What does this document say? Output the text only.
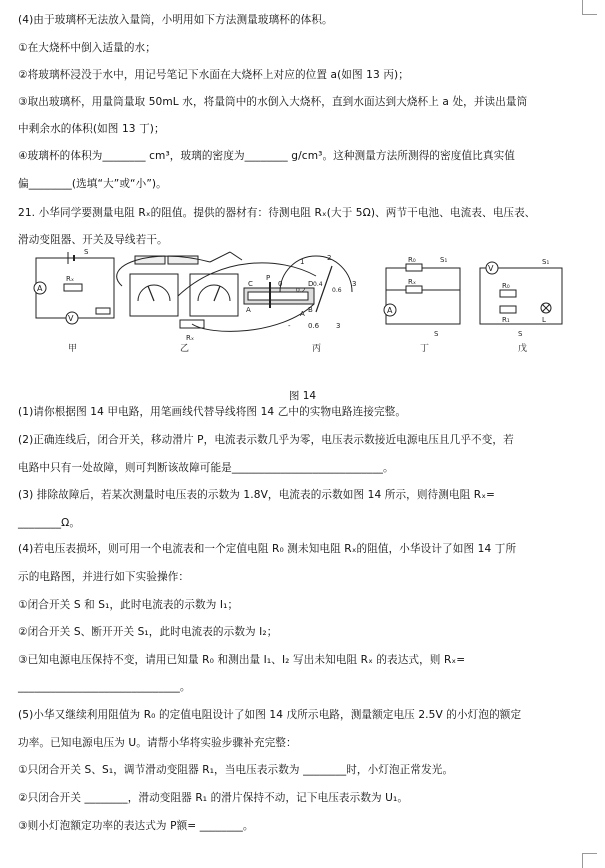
(4)由于玻璃杯无法放入量筒，小明用如下方法测量玻璃杯的体积。
①在大烧杯中倒入适量的水；
②将玻璃杯浸没于水中，用记号笔记下水面在大烧杯上对应的位置 a(如图 13 丙)；
③取出玻璃杯，用量筒量取 50mL 水，将量筒中的水倒入大烧杯，直到水面达到大烧杯上 a 处，并读出量筒
中剩余水的体积(如图 13 丁)；
④玻璃杯的体积为________ cm³，玻璃的密度为________ g/cm³。这种测量方法所测得的密度值比真实值
偏________(选填“大”或“小”)。
21. 小华同学要测量电阻 Rₓ的阻值。提供的器材有：待测电阻 Rₓ(大于 5Ω)、两节干电池、电流表、电压表、
滑动变阻器、开关及导线若干。
(1)请你根据图 14 甲电路，用笔画线代替导线将图 14 乙中的实物电路连接完整。
(2)正确连线后，闭合开关，移动滑片 P，电流表示数几乎为零，电压表示数接近电源电压且几乎不变，若
电路中只有一处故障，则可判断该故障可能是____________________________。
(3) 排除故障后，若某次测量时电压表的示数为 1.8V，电流表的示数如图 14 所示，则待测电阻 Rₓ=
________Ω。
(4)若电压表损坏，则可用一个电流表和一个定值电阻 R₀ 测未知电阻 Rₓ的阻值，小华设计了如图 14 丁所
示的电路图，并进行如下实验操作：
①闭合开关 S 和 S₁，此时电流表的示数为 I₁；
②闭合开关 S、断开开关 S₁，此时电流表的示数为 I₂；
③已知电源电压保持不变，请用已知量 R₀ 和测出量 I₁、I₂ 写出未知电阻 Rₓ 的表达式，则 Rₓ=
______________________________。
(5)小华又继续利用阻值为 R₀ 的定值电阻设计了如图 14 戊所示电路，测量额定电压 2.5V 的小灯泡的额定
功率。已知电源电压为 U。请帮小华将实验步骤补充完整：
①只闭合开关 S、S₁，调节滑动变阻器 R₁，当电压表示数为 ________时，小灯泡正常发光。
②只闭合开关 ________，滑动变阻器 R₁ 的滑片保持不动，记下电压表示数为 U₁。
③则小灯泡额定功率的表达式为 P额= ________。
A
Rₓ
V
S
甲
P
C	D
B
A
Rₓ
乙
0
1	2
3
0.2
0.4
0.6
A
- 0.6 3
丙
R₀
Rₓ
S₁
A
S
丁
V
R₀
R₁	L
S₁
S
戊
图 14
